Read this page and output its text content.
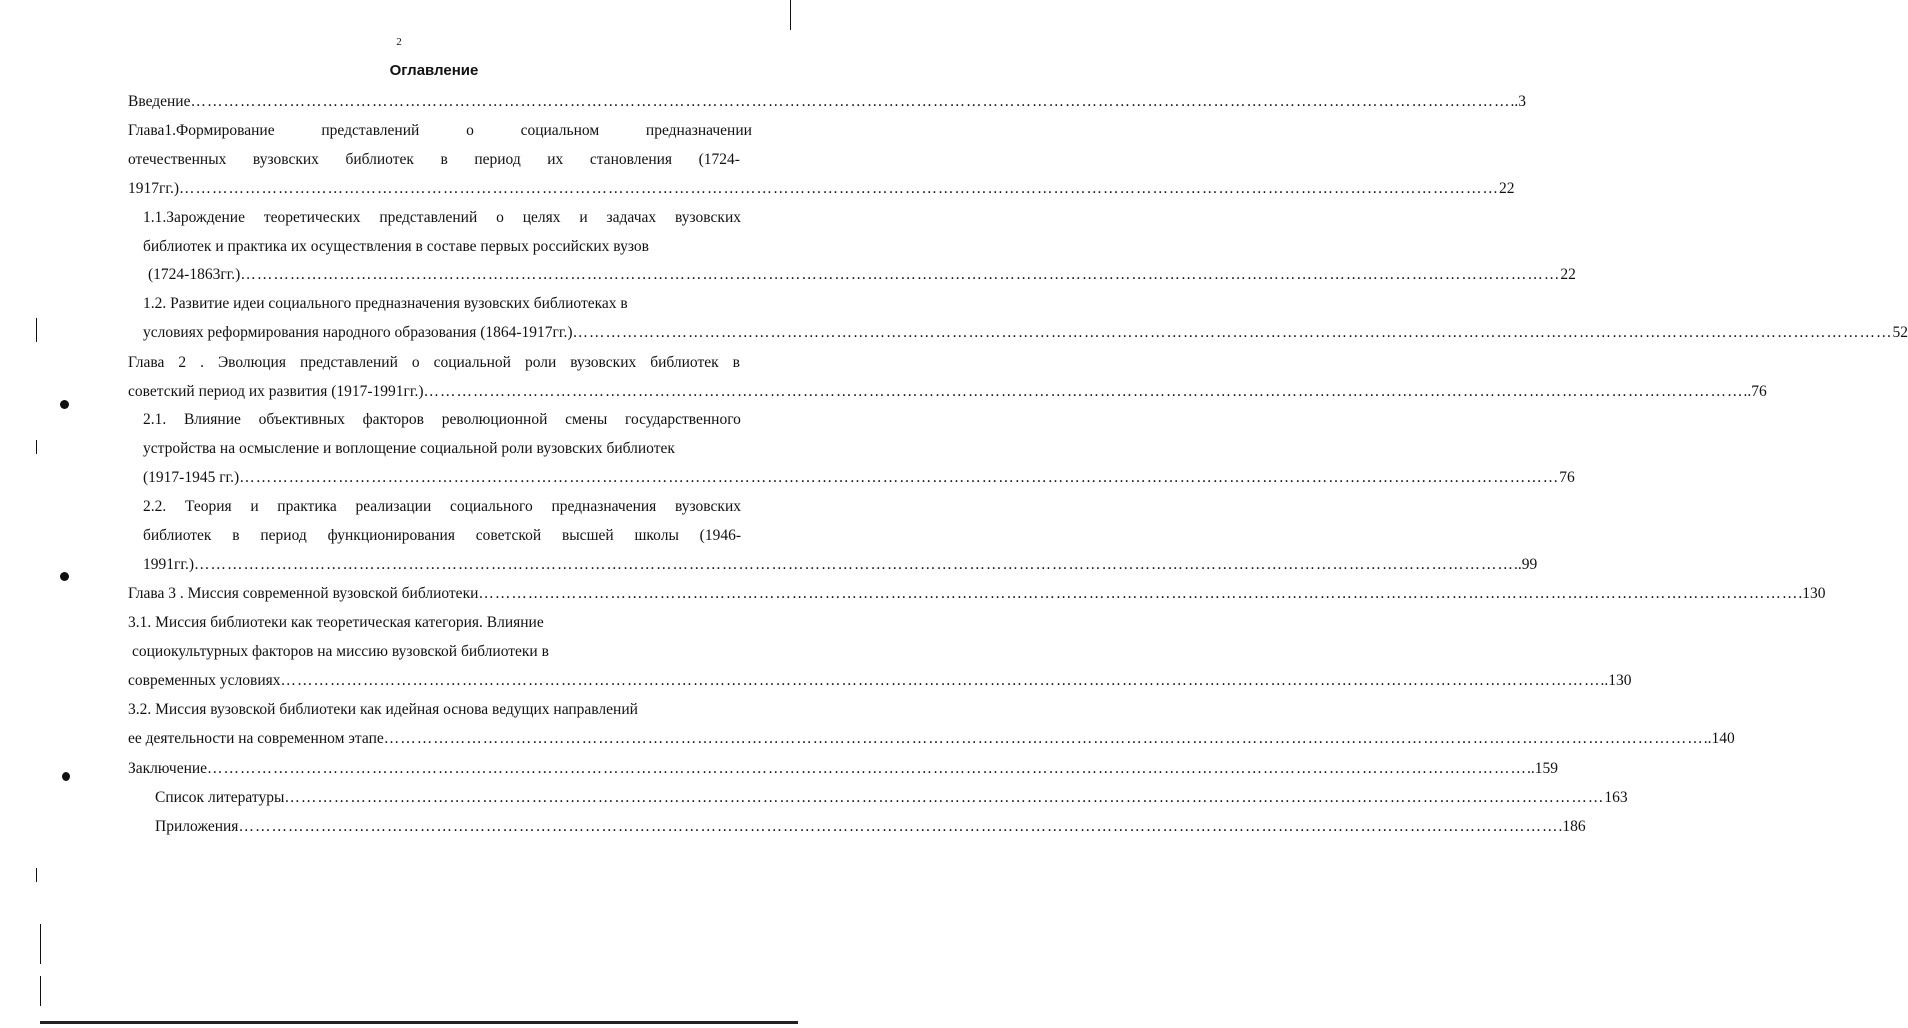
2
Оглавление
Введение …………………………………………………………………………………………………………………………………………………………………………………………………………………… ..3
Глава1.Формирование	представлений	о	социальном	предназначении
отечественных вузовских библиотек в период их становления (1724-
1917гг.) …………………………………………………………………………………………………………………………………………………………………………………………………………………… 22
1.1.Зарождение теоретических представлений о целях и задачах вузовских
библиотек и практика их осуществления в составе первых российских вузов
(1724-1863гг.) …………………………………………………………………………………………………………………………………………………………………………………………………………………… 22
1.2. Развитие идеи социального предназначения вузовских библиотеках в
условиях реформирования народного образования (1864-1917гг.) …………………………………………………………………………………………………………………………………………………………………………………………………………………… 52
Глава 2 . Эволюция представлений о социальной роли вузовских библиотек в
советский период их развития (1917-1991гг.) …………………………………………………………………………………………………………………………………………………………………………………………………………………… ..76
2.1. Влияние объективных факторов революционной смены государственного
устройства на осмысление и воплощение социальной роли вузовских библиотек
(1917-1945 гг.) …………………………………………………………………………………………………………………………………………………………………………………………………………………… 76
2.2. Теория и практика реализации социального предназначения вузовских
библиотек в период функционирования советской высшей школы (1946-
1991гг.) …………………………………………………………………………………………………………………………………………………………………………………………………………………… ..99
Глава 3 . Миссия современной вузовской библиотеки …………………………………………………………………………………………………………………………………………………………………………………………………………………… .130
3.1. Миссия библиотеки как теоретическая категория. Влияние
социокультурных факторов на миссию вузовской библиотеки в
современных условиях …………………………………………………………………………………………………………………………………………………………………………………………………………………… ..130
3.2. Миссия вузовской библиотеки как идейная основа ведущих направлений
ее деятельности на современном этапе …………………………………………………………………………………………………………………………………………………………………………………………………………………… ..140
Заключение …………………………………………………………………………………………………………………………………………………………………………………………………………………… ..159
Список литературы …………………………………………………………………………………………………………………………………………………………………………………………………………………… 163
Приложения …………………………………………………………………………………………………………………………………………………………………………………………………………………… .186
